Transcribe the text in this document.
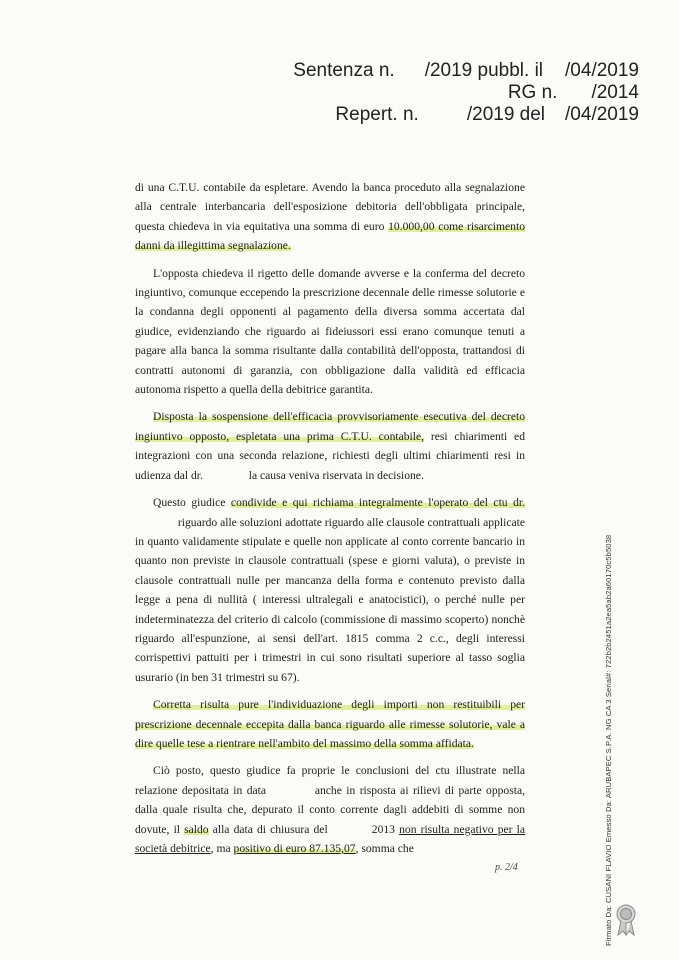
Sentenza n. /2019 pubbl. il /04/2019
RG n. /2014
Repert. n.	/2019 del /04/2019

di una C.T.U. contabile da espletare. Avendo la banca proceduto alla segnalazione alla centrale interbancaria dell'esposizione debitoria dell'obbligata principale, questa chiedeva in via equitativa una somma di euro 10.000,00 come risarcimento danni da illegittima segnalazione.

L'opposta chiedeva il rigetto delle domande avverse e la conferma del decreto ingiuntivo, comunque eccependo la prescrizione decennale delle rimesse solutorie e la condanna degli opponenti al pagamento della diversa somma accertata dal giudice, evidenziando che riguardo ai fideiussori essi erano comunque tenuti a pagare alla banca la somma risultante dalla contabilità dell'opposta, trattandosi di contratti autonomi di garanzia, con obbligazione dalla validità ed efficacia autonoma rispetto a quella della debitrice garantita.

Disposta la sospensione dell'efficacia provvisoriamente esecutiva del decreto ingiuntivo opposto, espletata una prima C.T.U. contabile, resi chiarimenti ed integrazioni con una seconda relazione, richiesti degli ultimi chiarimenti resi in udienza dal dr.	la causa veniva riservata in decisione.

Questo giudice condivide e qui richiama integralmente l'operato del ctu dr. riguardo alle soluzioni adottate riguardo alle clausole contrattuali applicate in quanto validamente stipulate e quelle non applicate al conto corrente bancario in quanto non previste in clausole contrattuali (spese e giorni valuta), o previste in clausole contrattuali nulle per mancanza della forma e contenuto previsto dalla legge a pena di nullità ( interessi ultralegali e anatocistici), o perché nulle per indeterminatezza del criterio di calcolo (commissione di massimo scoperto) nonchè riguardo all'espunzione, ai sensi dell'art. 1815 comma 2 c.c., degli interessi corrispettivi pattuiti per i trimestri in cui sono risultati superiore al tasso soglia usurario (in ben 31 trimestri su 67).

Corretta risulta pure l'individuazione degli importi non restituibili per prescrizione decennale eccepita dalla banca riguardo alle rimesse solutorie, vale a dire quelle tese a rientrare nell'ambito del massimo della somma affidata.

Ciò posto, questo giudice fa proprie le conclusioni del ctu illustrate nella relazione depositata in data	anche in risposta ai rilievi di parte opposta, dalla quale risulta che, depurato il conto corrente dagli addebiti di somme non dovute, il saldo alla data di chiusura del	2013 non risulta negativo per la società debitrice, ma positivo di euro 87.135,07, somma che

p. 2/4	Firmato Da: CUSANI FLAVIO Emesso Da: ARUBAPEC S.P.A. NG CA 3 Serial#: 722b2b2451a2ea5ab2a60170c5b5038
